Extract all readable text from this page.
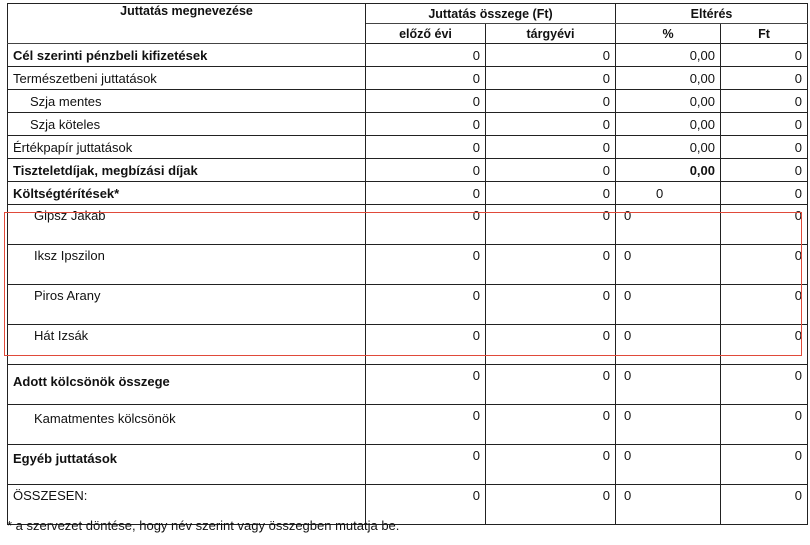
Juttatás megnevezése	Juttatás összege (Ft)		Eltérés	
	előző évi	tárgyévi	%	Ft
Cél szerinti pénzbeli kifizetések	0	0	0,00	0
Természetbeni juttatások	0	0	0,00	0
Szja mentes	0	0	0,00	0
Szja köteles	0	0	0,00	0
Értékpapír juttatások	0	0	0,00	0
Tiszteletdíjak, megbízási díjak	0	0	0,00	0
Költségtérítések*	0	0	0	0
Gipsz Jakab	0	0	0	0
Iksz Ipszilon	0	0	0	0
Piros Arany	0	0	0	0
Hát Izsák	0	0	0	0
Adott kölcsönök összege	0	0	0	0
Kamatmentes kölcsönök	0	0	0	0
Egyéb juttatások	0	0	0	0
ÖSSZESEN:	0	0	0	0
* a szervezet döntése, hogy név szerint vagy összegben mutatja be.
